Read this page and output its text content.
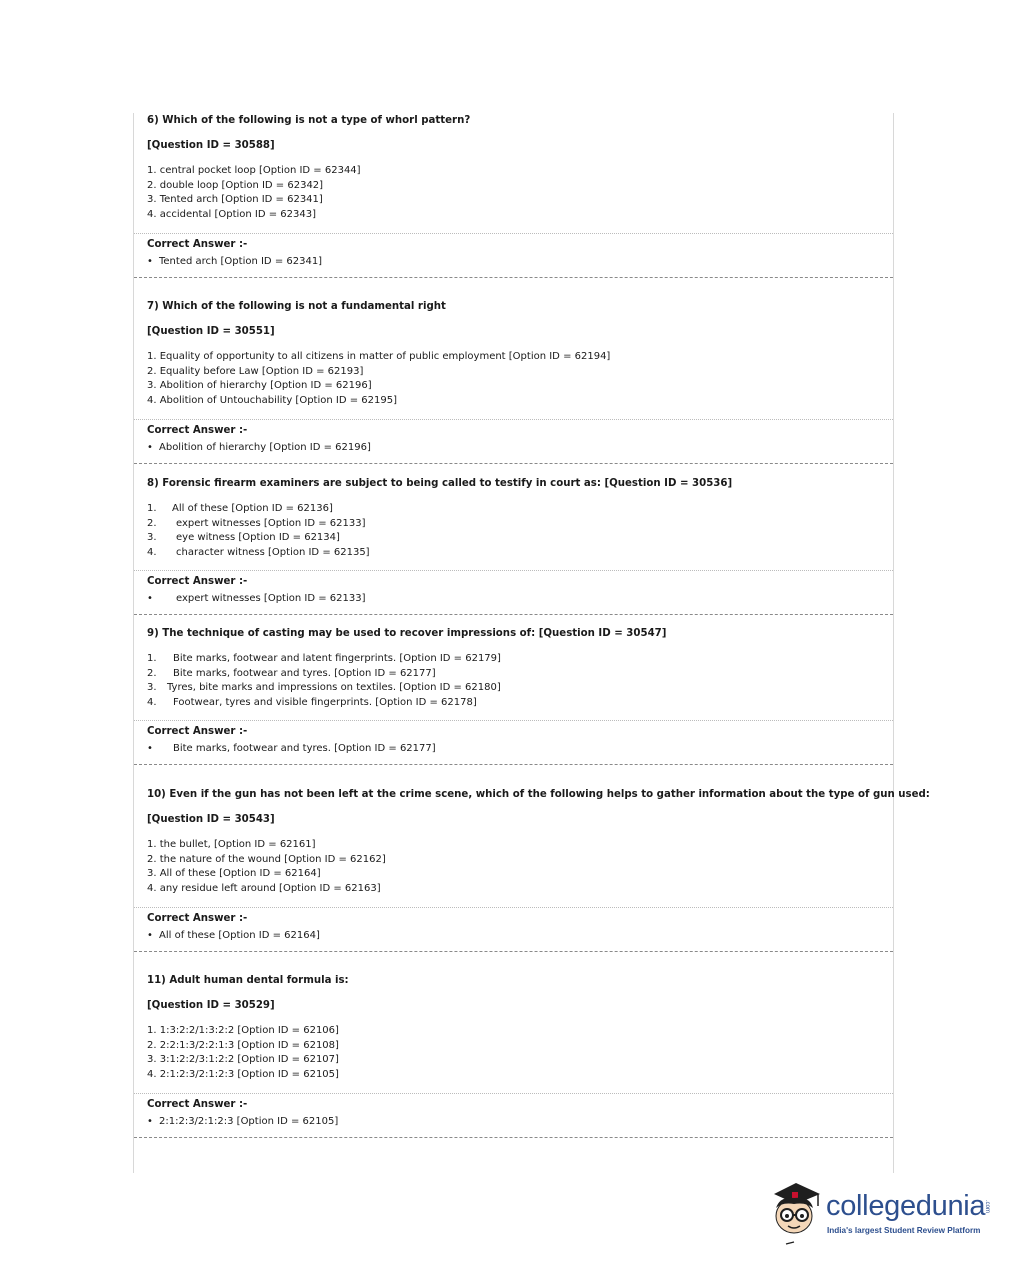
6) Which of the following is not a type of whorl pattern?
[Question ID = 30588]
1. central pocket loop [Option ID = 62344]
2. double loop [Option ID = 62342]
3. Tented arch [Option ID = 62341]
4. accidental [Option ID = 62343]
Correct Answer :-
• Tented arch [Option ID = 62341]
7) Which of the following is not a fundamental right
[Question ID = 30551]
1. Equality of opportunity to all citizens in matter of public employment [Option ID = 62194]
2. Equality before Law [Option ID = 62193]
3. Abolition of hierarchy [Option ID = 62196]
4. Abolition of Untouchability [Option ID = 62195]
Correct Answer :-
• Abolition of hierarchy [Option ID = 62196]
8) Forensic firearm examiners are subject to being called to testify in court as: [Question ID = 30536]
1. All of these [Option ID = 62136]
2. expert witnesses [Option ID = 62133]
3. eye witness [Option ID = 62134]
4. character witness [Option ID = 62135]
Correct Answer :-
• expert witnesses [Option ID = 62133]
9) The technique of casting may be used to recover impressions of: [Question ID = 30547]
1. Bite marks, footwear and latent fingerprints. [Option ID = 62179]
2. Bite marks, footwear and tyres. [Option ID = 62177]
3. Tyres, bite marks and impressions on textiles. [Option ID = 62180]
4. Footwear, tyres and visible fingerprints. [Option ID = 62178]
Correct Answer :-
• Bite marks, footwear and tyres. [Option ID = 62177]
10) Even if the gun has not been left at the crime scene, which of the following helps to gather information about the type of gun used:
[Question ID = 30543]
1. the bullet, [Option ID = 62161]
2. the nature of the wound [Option ID = 62162]
3. All of these [Option ID = 62164]
4. any residue left around [Option ID = 62163]
Correct Answer :-
• All of these [Option ID = 62164]
11) Adult human dental formula is:
[Question ID = 30529]
1. 1:3:2:2/1:3:2:2 [Option ID = 62106]
2. 2:2:1:3/2:2:1:3 [Option ID = 62108]
3. 3:1:2:2/3:1:2:2 [Option ID = 62107]
4. 2:1:2:3/2:1:2:3 [Option ID = 62105]
Correct Answer :-
• 2:1:2:3/2:1:2:3 [Option ID = 62105]
collegedunia
.com
India's largest Student Review Platform
